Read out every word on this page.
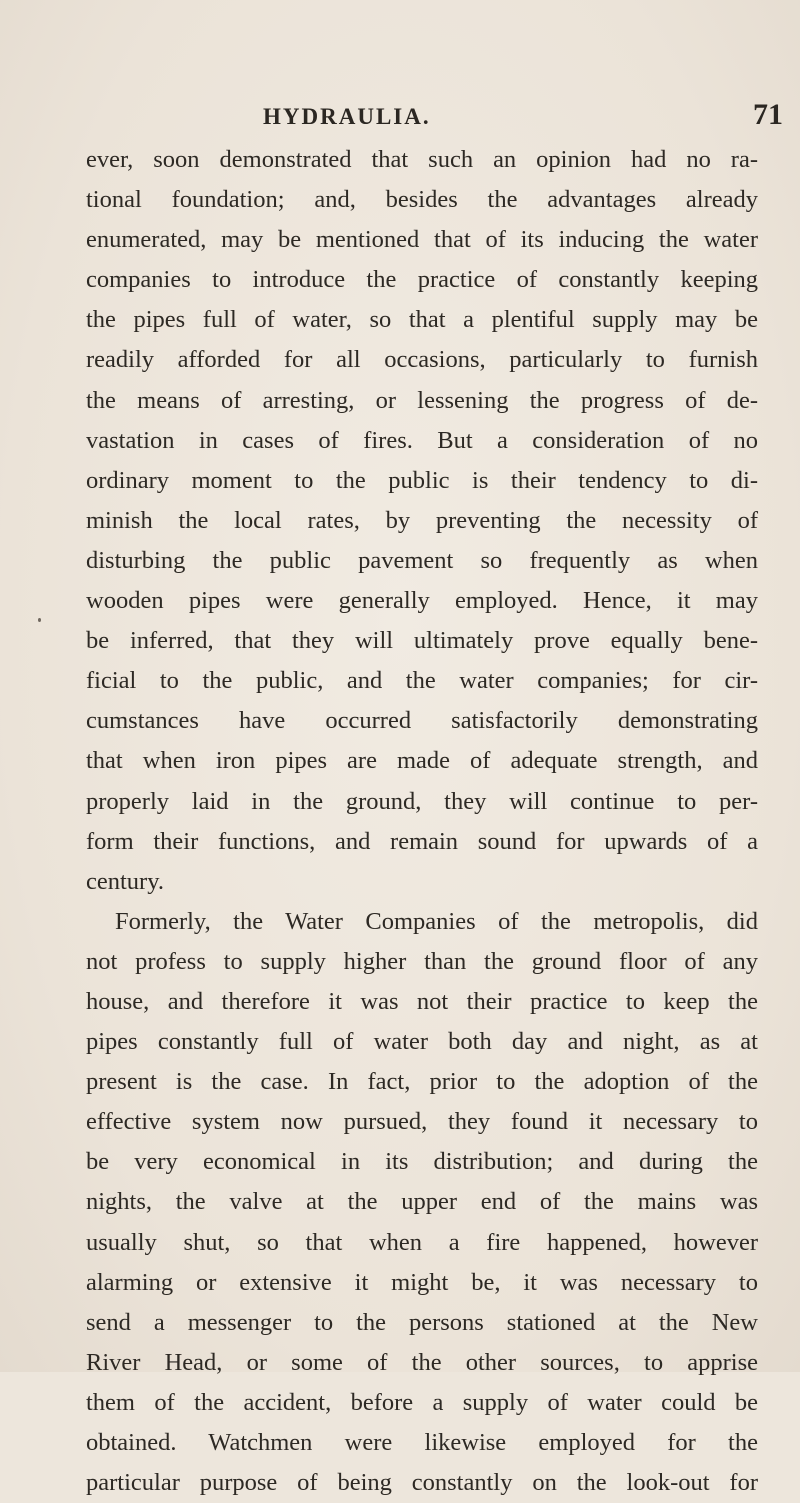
HYDRAULIA.	71
ever, soon demonstrated that such an opinion had no ra-
tional foundation; and, besides the advantages already
enumerated, may be mentioned that of its inducing the water
companies to introduce the practice of constantly keeping
the pipes full of water, so that a plentiful supply may be
readily afforded for all occasions, particularly to furnish
the means of arresting, or lessening the progress of de-
vastation in cases of fires. But a consideration of no
ordinary moment to the public is their tendency to di-
minish the local rates, by preventing the necessity of
disturbing the public pavement so frequently as when
wooden pipes were generally employed. Hence, it may
be inferred, that they will ultimately prove equally bene-
ficial to the public, and the water companies; for cir-
cumstances have occurred satisfactorily demonstrating
that when iron pipes are made of adequate strength, and
properly laid in the ground, they will continue to per-
form their functions, and remain sound for upwards of a
century.
Formerly, the Water Companies of the metropolis, did
not profess to supply higher than the ground floor of any
house, and therefore it was not their practice to keep the
pipes constantly full of water both day and night, as at
present is the case. In fact, prior to the adoption of the
effective system now pursued, they found it necessary to
be very economical in its distribution; and during the
nights, the valve at the upper end of the mains was
usually shut, so that when a fire happened, however
alarming or extensive it might be, it was necessary to
send a messenger to the persons stationed at the New
River Head, or some of the other sources, to apprise
them of the accident, before a supply of water could be
obtained. Watchmen were likewise employed for the
particular purpose of being constantly on the look-out for
